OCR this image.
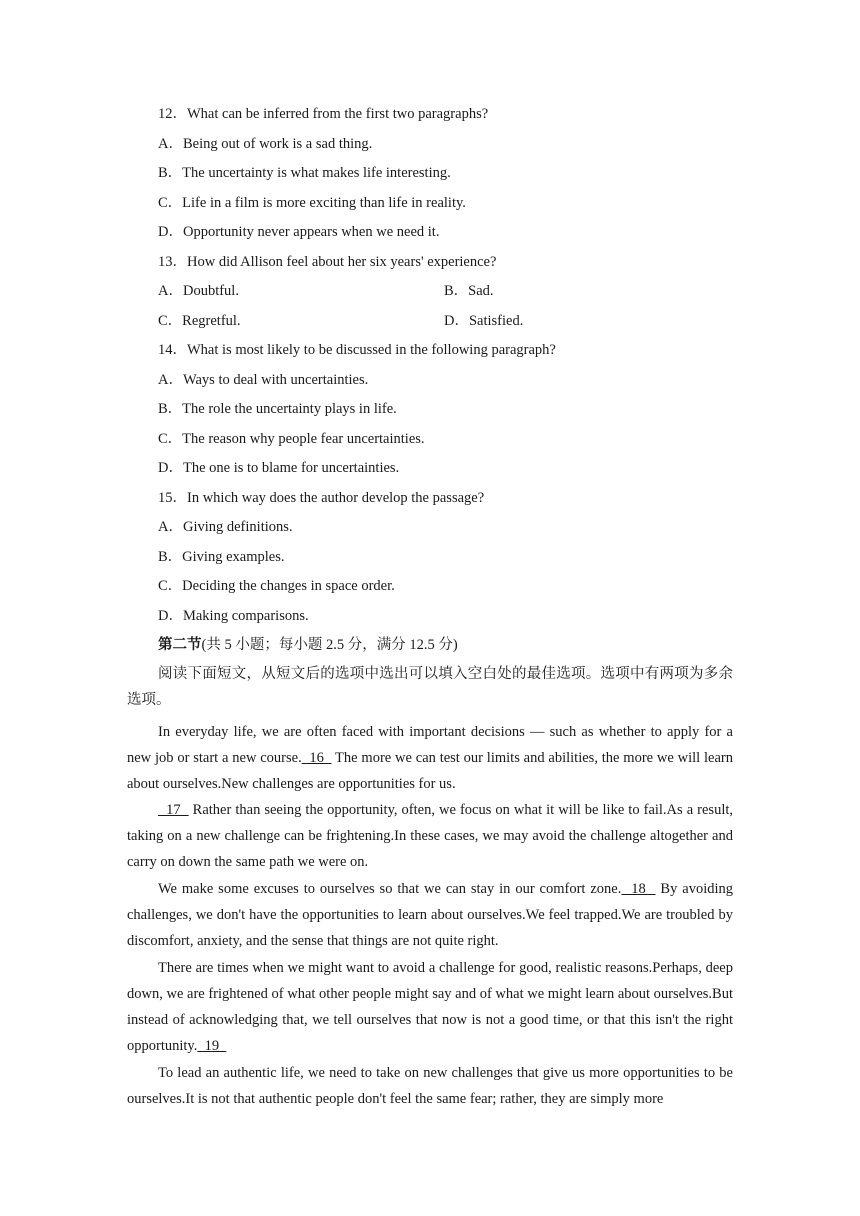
12．What can be inferred from the first two paragraphs?
A．Being out of work is a sad thing.
B．The uncertainty is what makes life interesting.
C．Life in a film is more exciting than life in reality.
D．Opportunity never appears when we need it.
13．How did Allison feel about her six years' experience?
A．Doubtful.	B．Sad.
C．Regretful.	D．Satisfied.
14．What is most likely to be discussed in the following paragraph?
A．Ways to deal with uncertainties.
B．The role the uncertainty plays in life.
C．The reason why people fear uncertainties.
D．The one is to blame for uncertainties.
15．In which way does the author develop the passage?
A．Giving definitions.
B．Giving examples.
C．Deciding the changes in space order.
D．Making comparisons.
第二节(共 5 小题；每小题 2.5 分，满分 12.5 分)
阅读下面短文，从短文后的选项中选出可以填入空白处的最佳选项。选项中有两项为多余选项。
In everyday life, we are often faced with important decisions — such as whether to apply for a new job or start a new course.  16   The more we can test our limits and abilities, the more we will learn about ourselves.New challenges are opportunities for us.
17   Rather than seeing the opportunity, often, we focus on what it will be like to fail.As a result, taking on a new challenge can be frightening.In these cases, we may avoid the challenge altogether and carry on down the same path we were on.
We make some excuses to ourselves so that we can stay in our comfort zone.  18   By avoiding challenges, we don't have the opportunities to learn about ourselves.We feel trapped.We are troubled by discomfort, anxiety, and the sense that things are not quite right.
There are times when we might want to avoid a challenge for good, realistic reasons.Perhaps, deep down, we are frightened of what other people might say and of what we might learn about ourselves.But instead of acknowledging that, we tell ourselves that now is not a good time, or that this isn't the right opportunity.  19
To lead an authentic life, we need to take on new challenges that give us more opportunities to be ourselves.It is not that authentic people don't feel the same fear; rather, they are simply more
